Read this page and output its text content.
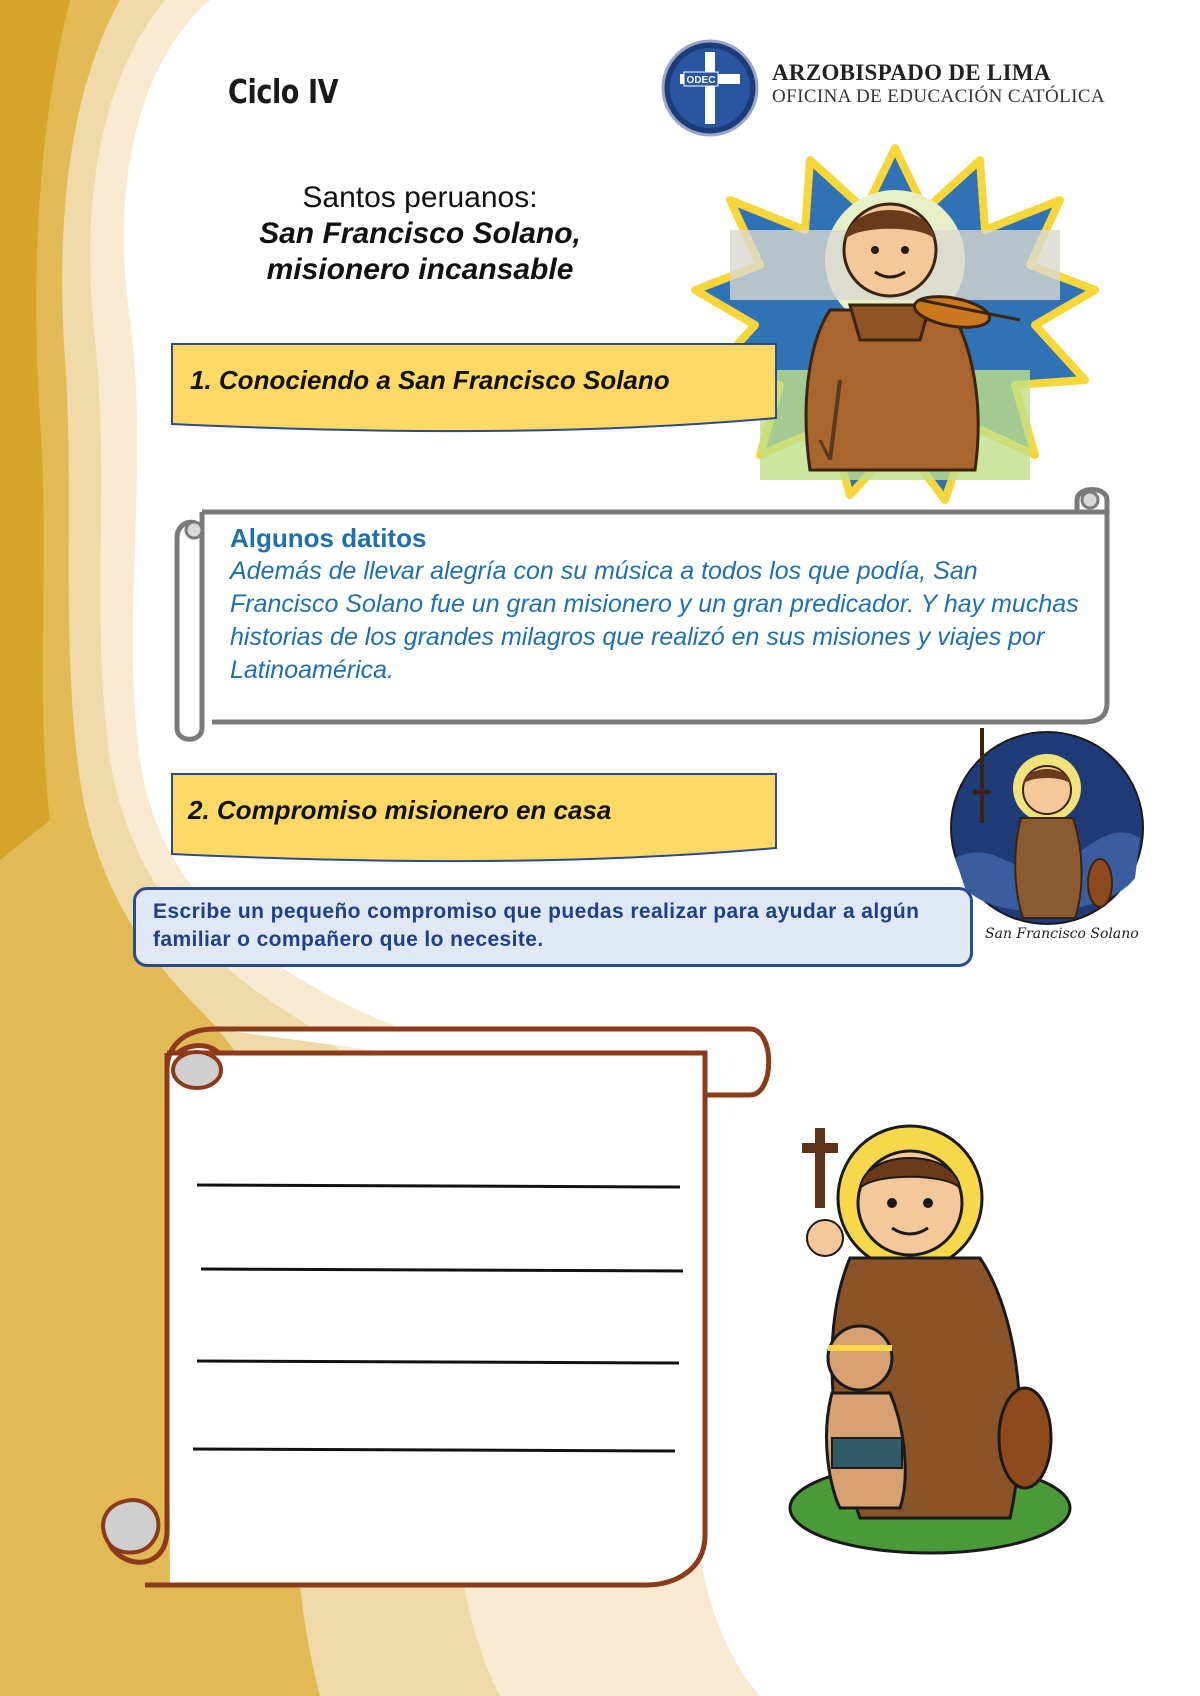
Ciclo IV	ODEC ARZOBISPADO DE LIMA
OFICINA DE EDUCACIÓN CATÓLICA
Santos peruanos:
San Francisco Solano,
misionero incansable
1. Conociendo a San Francisco Solano
Algunos datitos
Además de llevar alegría con su música a todos los que podía, San Francisco Solano fue un gran misionero y un gran predicador. Y hay muchas historias de los grandes milagros que realizó en sus misiones y viajes por Latinoamérica.
San Francisco Solano
2. Compromiso misionero en casa
Escribe un pequeño compromiso que puedas realizar para ayudar a algún familiar o compañero que lo necesite.
